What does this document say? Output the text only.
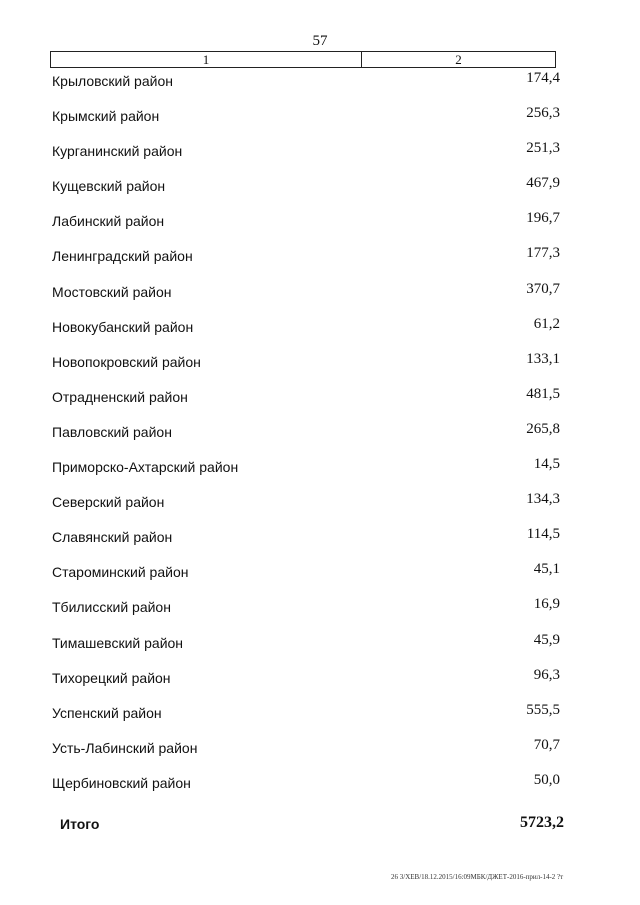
57
1	2
Крыловский район	174,4
Крымский район	256,3
Курганинский район	251,3
Кущевский район	467,9
Лабинский район	196,7
Ленинградский район	177,3
Мостовский район	370,7
Новокубанский район	61,2
Новопокровский район	133,1
Отрадненский район	481,5
Павловский район	265,8
Приморско-Ахтарский район	14,5
Северский район	134,3
Славянский район	114,5
Староминский район	45,1
Тбилисский район	16,9
Тимашевский район	45,9
Тихорецкий район	96,3
Успенский район	555,5
Усть-Лабинский район	70,7
Щербиновский район	50,0
Итого	5723,2
26 3/ХЕВ/18.12.2015/16:09МБК/ДЖЕТ-2016-прил-14-2 ?т
